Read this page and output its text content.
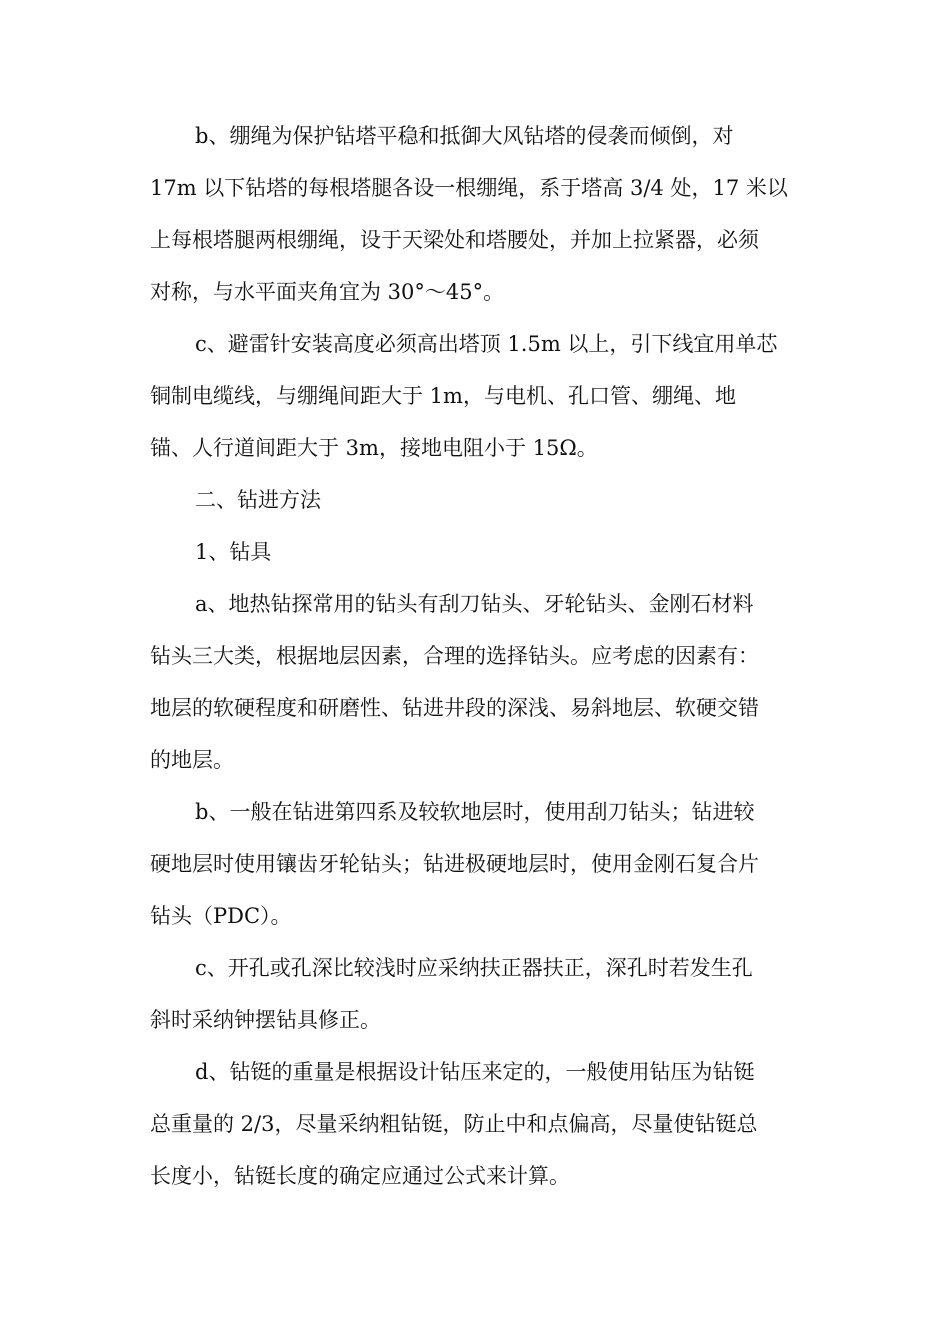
b、绷绳为保护钻塔平稳和抵御大风钻塔的侵袭而倾倒，对
17m 以下钻塔的每根塔腿各设一根绷绳，系于塔高 3/4 处，17 米以
上每根塔腿两根绷绳，设于天梁处和塔腰处，并加上拉紧器，必须
对称，与水平面夹角宜为 30°～45°。
c、避雷针安装高度必须高出塔顶 1.5m 以上，引下线宜用单芯
铜制电缆线，与绷绳间距大于 1m，与电机、孔口管、绷绳、地
锚、人行道间距大于 3m，接地电阻小于 15Ω。
二、钻进方法
1、钻具
a、地热钻探常用的钻头有刮刀钻头、牙轮钻头、金刚石材料
钻头三大类，根据地层因素，合理的选择钻头。应考虑的因素有：
地层的软硬程度和研磨性、钻进井段的深浅、易斜地层、软硬交错
的地层。
b、一般在钻进第四系及较软地层时，使用刮刀钻头；钻进较
硬地层时使用镶齿牙轮钻头；钻进极硬地层时，使用金刚石复合片
钻头（PDC）。
c、开孔或孔深比较浅时应采纳扶正器扶正，深孔时若发生孔
斜时采纳钟摆钻具修正。
d、钻铤的重量是根据设计钻压来定的，一般使用钻压为钻铤
总重量的 2/3，尽量采纳粗钻铤，防止中和点偏高，尽量使钻铤总
长度小，钻铤长度的确定应通过公式来计算。
